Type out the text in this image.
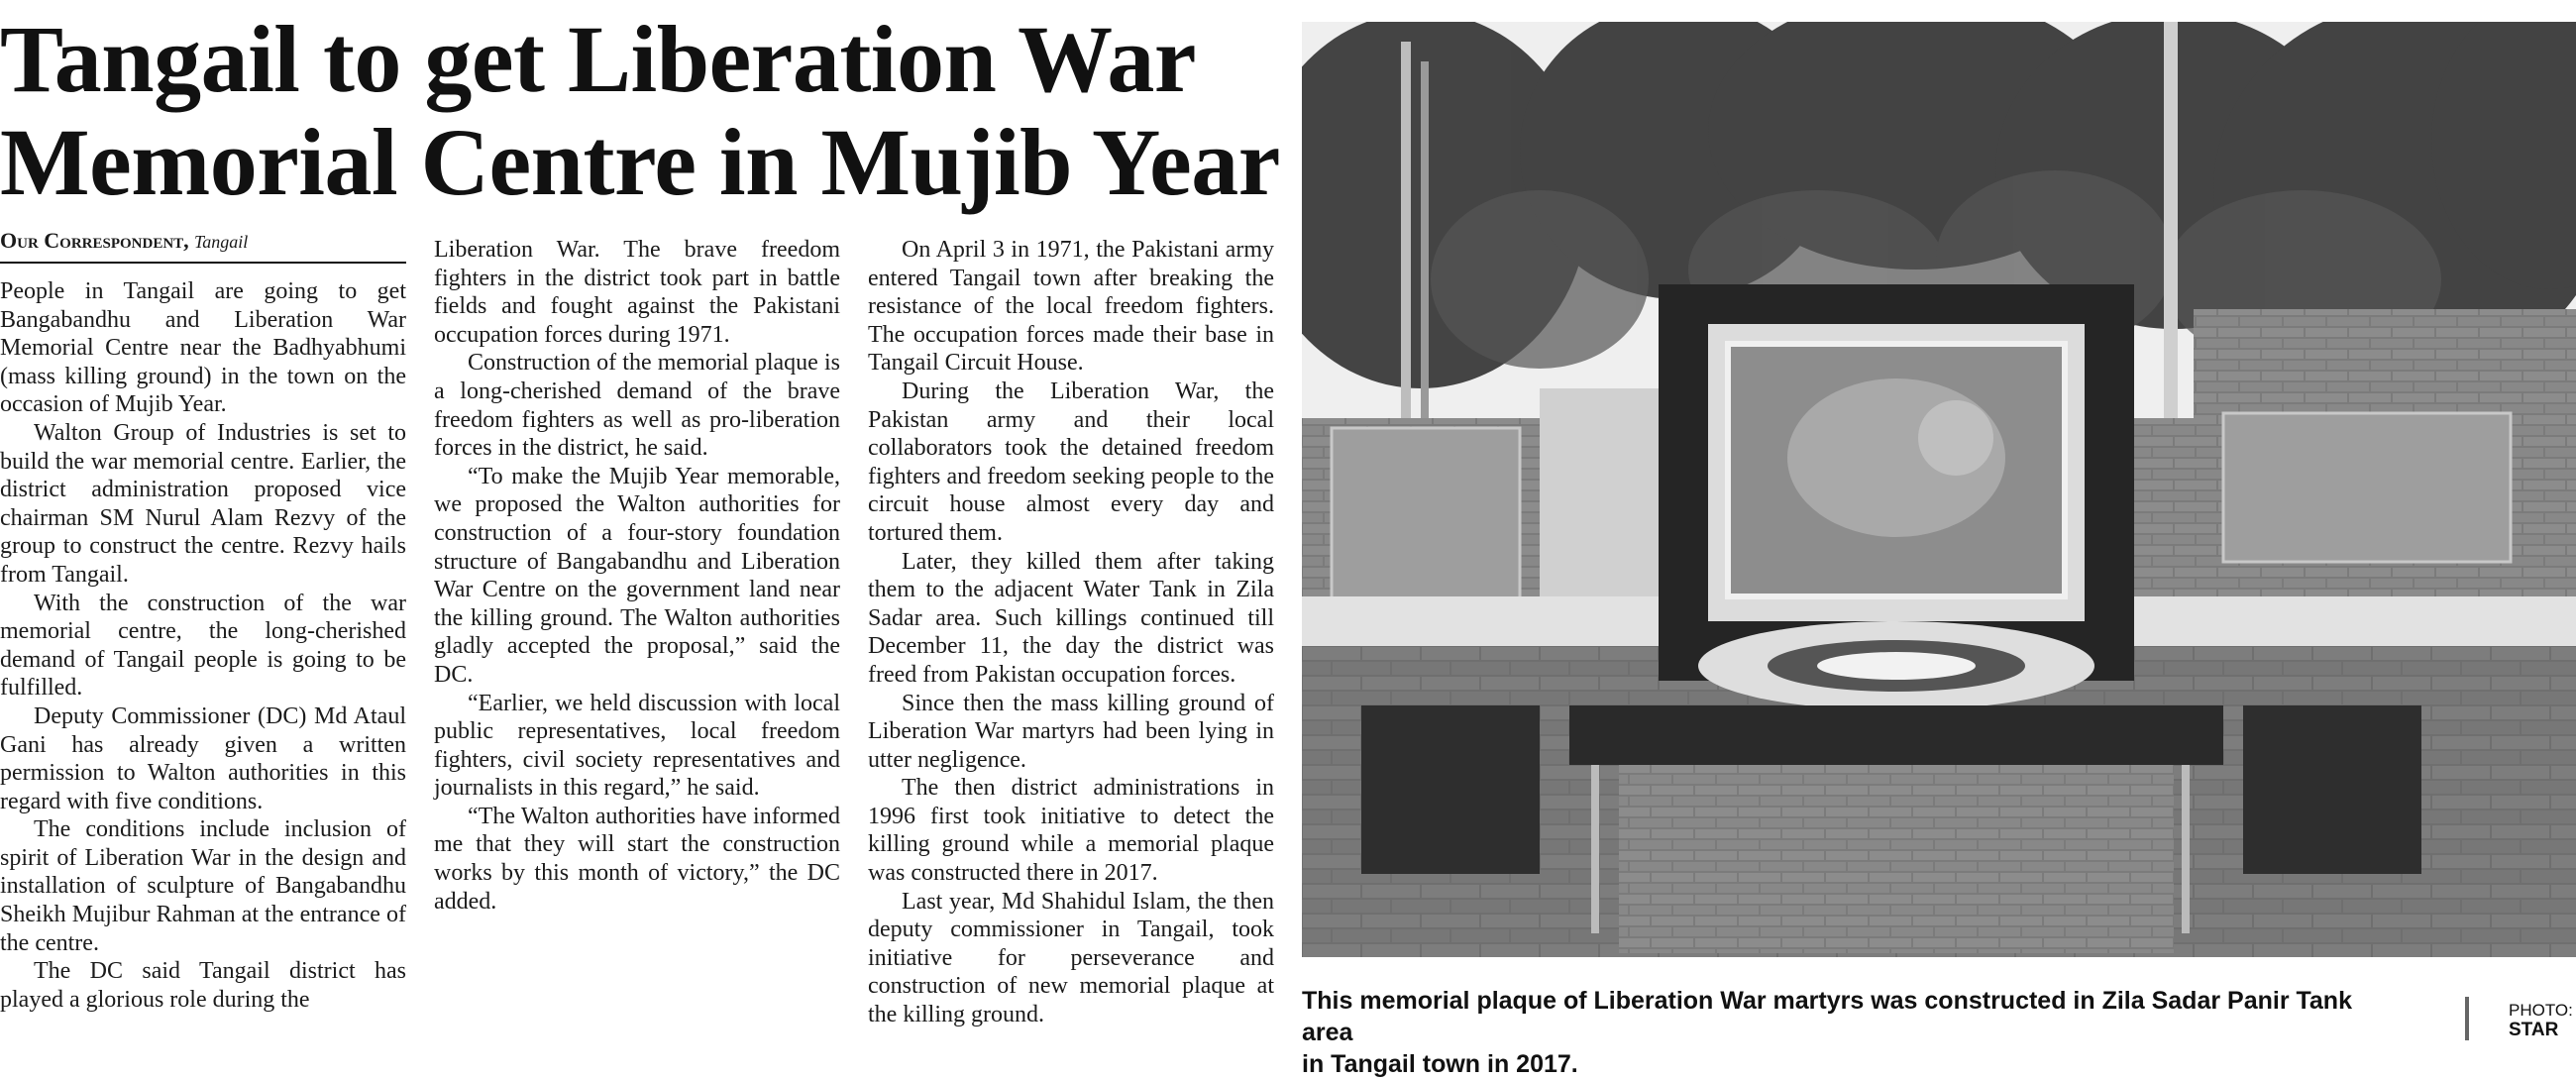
Tangail to get Liberation War
Memorial Centre in Mujib Year
Our Correspondent, Tangail

People in Tangail are going to get Bangabandhu and Liberation War Memorial Centre near the Badhyabhumi (mass killing ground) in the town on the occasion of Mujib Year.

Walton Group of Industries is set to build the war memorial centre. Earlier, the district administration proposed vice chairman SM Nurul Alam Rezvy of the group to construct the centre. Rezvy hails from Tangail.

With the construction of the war memorial centre, the long-cherished demand of Tangail people is going to be fulfilled.

Deputy Commissioner (DC) Md Ataul Gani has already given a written permission to Walton authorities in this regard with five conditions.

The conditions include inclusion of spirit of Liberation War in the design and installation of sculpture of Bangabandhu Sheikh Mujibur Rahman at the entrance of the centre.

The DC said Tangail district has played a glorious role during the

Liberation War. The brave freedom fighters in the district took part in battle fields and fought against the Pakistani occupation forces during 1971.

Construction of the memorial plaque is a long-cherished demand of the brave freedom fighters as well as pro-liberation forces in the district, he said.

“To make the Mujib Year memorable, we proposed the Walton authorities for construction of a four-story foundation structure of Bangabandhu and Liberation War Centre on the government land near the killing ground. The Walton authorities gladly accepted the proposal,” said the DC.

“Earlier, we held discussion with local public representatives, local freedom fighters, civil society representatives and journalists in this regard,” he said.

“The Walton authorities have informed me that they will start the construction works by this month of victory,” the DC added.

On April 3 in 1971, the Pakistani army entered Tangail town after breaking the resistance of the local freedom fighters. The occupation forces made their base in Tangail Circuit House.

During the Liberation War, the Pakistan army and their local collaborators took the detained freedom fighters and freedom seeking people to the circuit house almost every day and tortured them.

Later, they killed them after taking them to the adjacent Water Tank in Zila Sadar area. Such killings continued till December 11, the day the district was freed from Pakistan occupation forces.

Since then the mass killing ground of Liberation War martyrs had been lying in utter negligence.

The then district administrations in 1996 first took initiative to detect the killing ground while a memorial plaque was constructed there in 2017.

Last year, Md Shahidul Islam, the then deputy commissioner in Tangail, took initiative for perseverance and construction of new memorial plaque at the killing ground.

This memorial plaque of Liberation War martyrs was constructed in Zila Sadar Panir Tank area
in Tangail town in 2017.
PHOTO:
STAR
